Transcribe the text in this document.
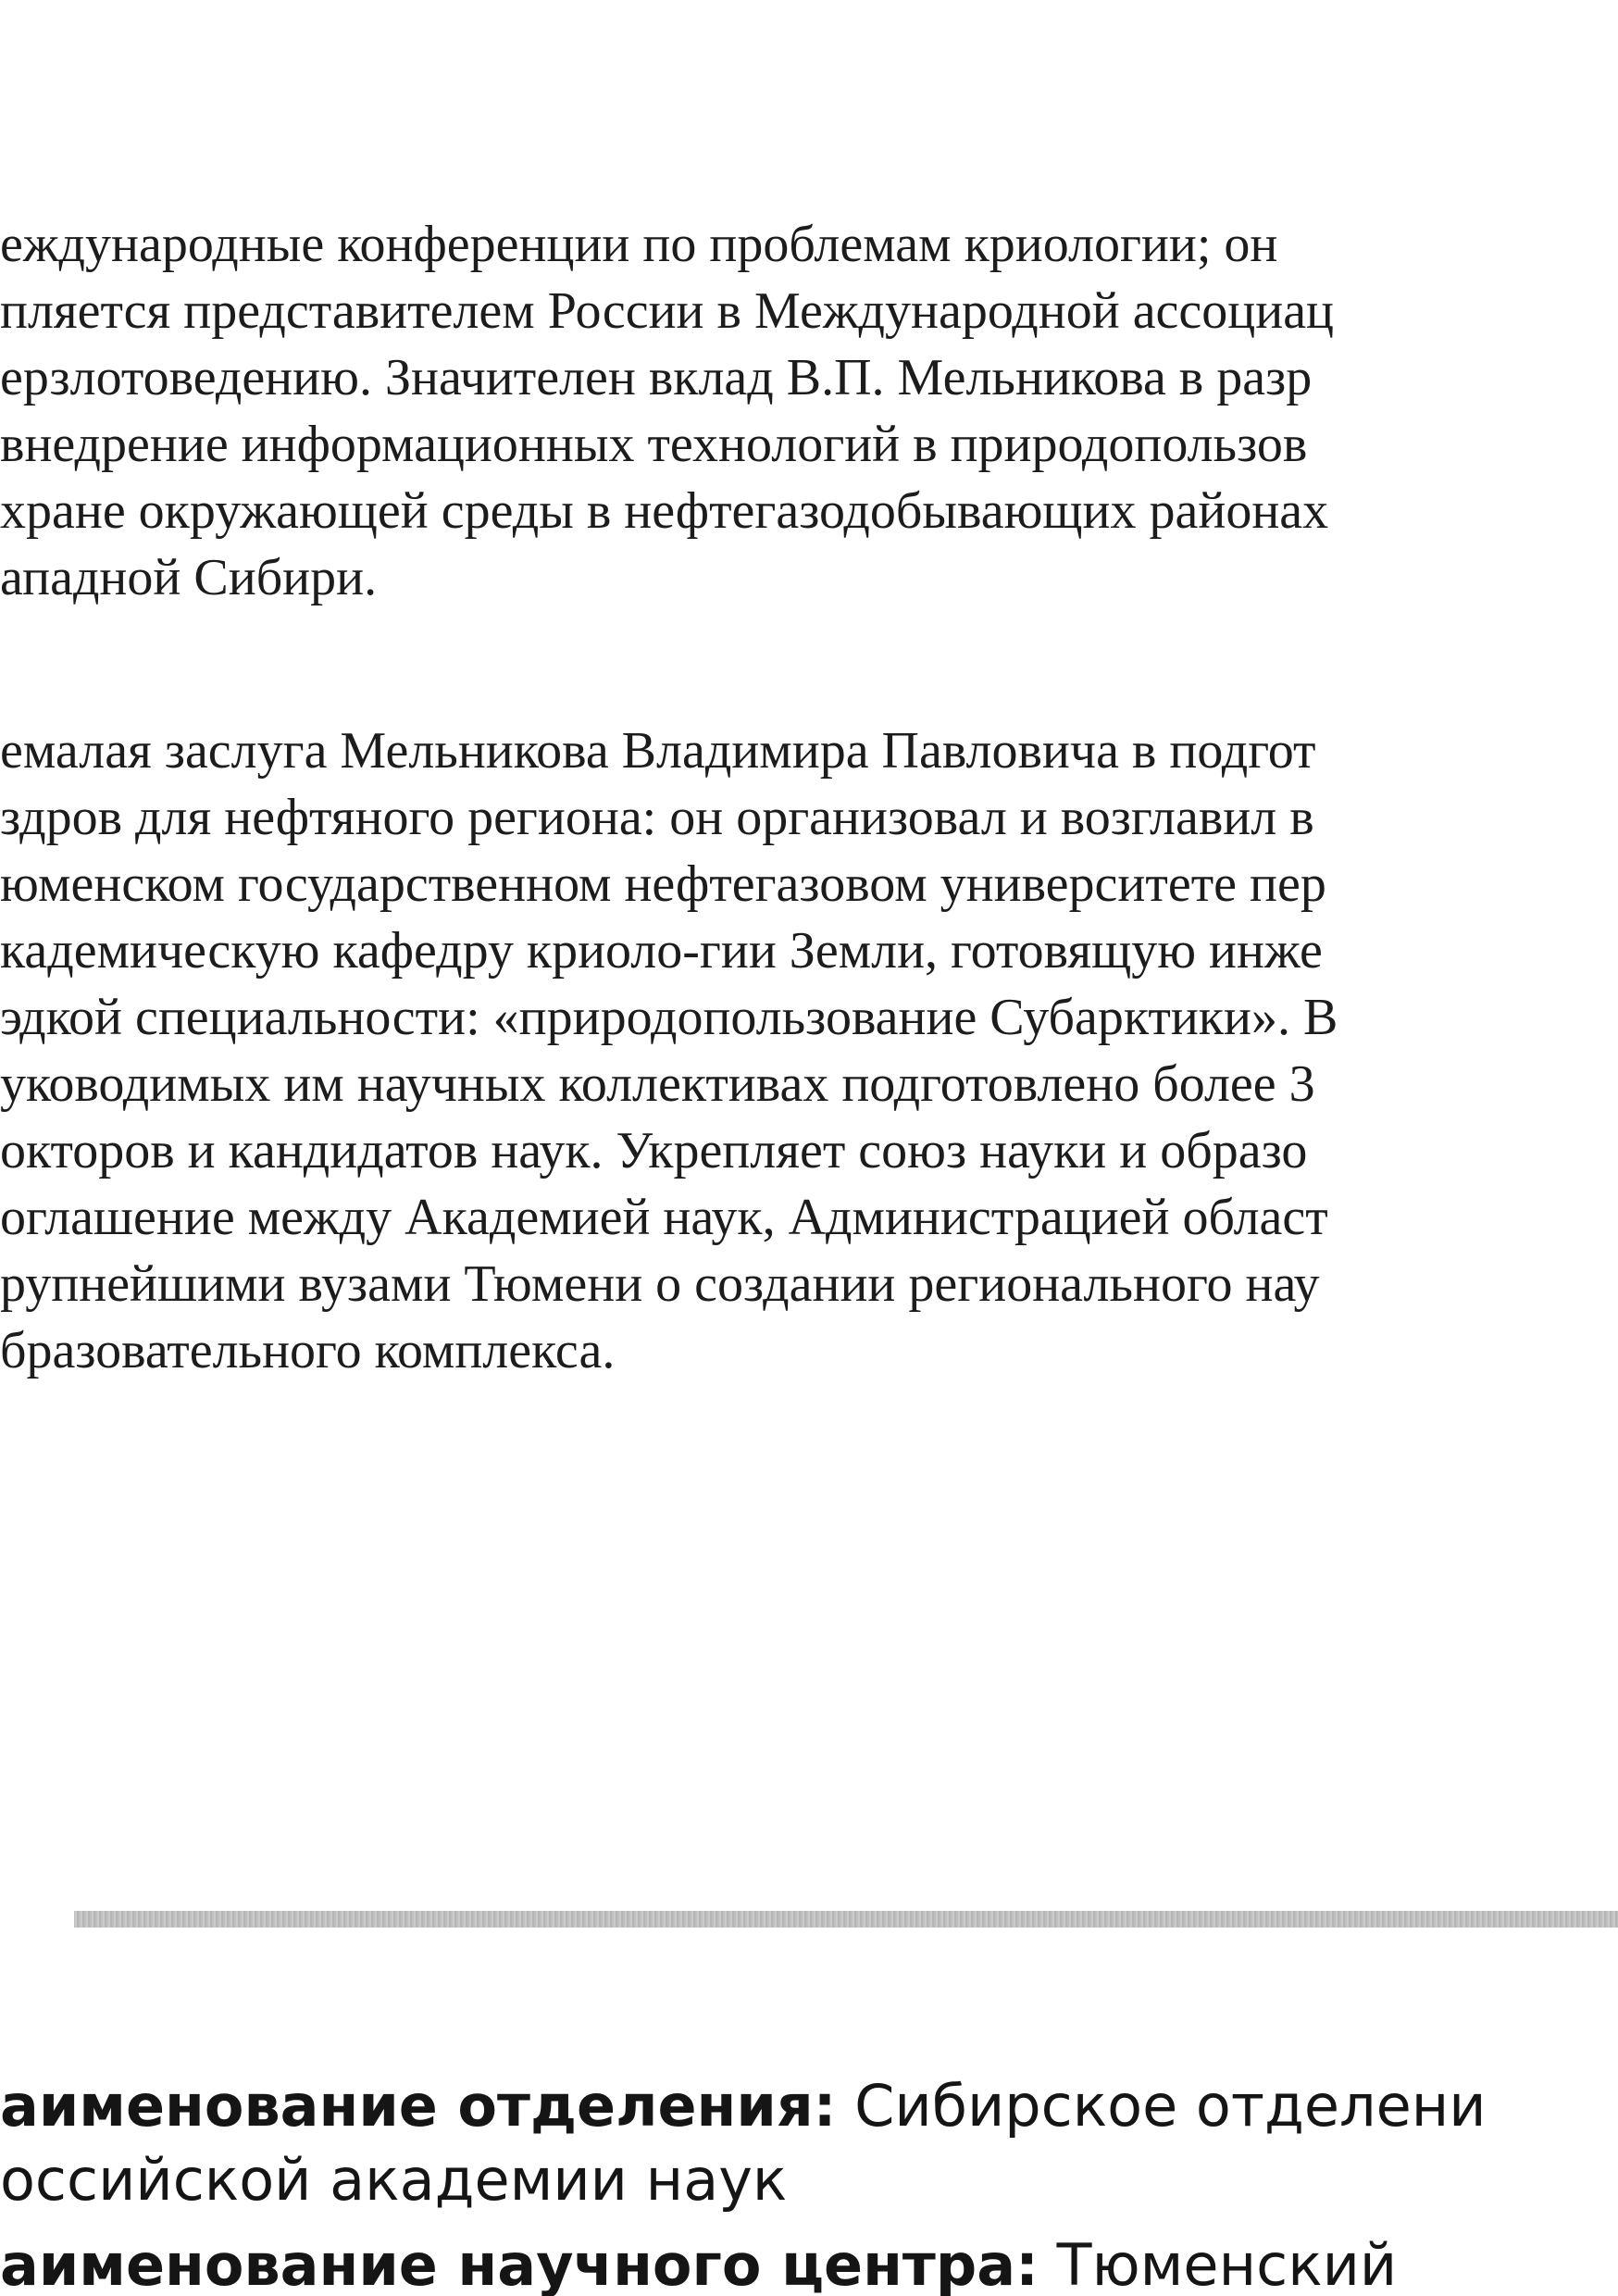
еждународные конференции по проблемам криологии; он
пляется представителем России в Международной ассоциац
ерзлотоведению. Значителен вклад В.П. Мельникова в разр
внедрение информационных технологий в природопользов
хране окружающей среды в нефтегазодобывающих районах
ападной Сибири.
емалая заслуга Мельникова Владимира Павловича в подгот
здров для нефтяного региона: он организовал и возглавил в
юменском государственном нефтегазовом университете пер
кадемическую кафедру криоло-гии Земли, готовящую инже
эдкой специальности: «природопользование Субарктики». В
уководимых им научных коллективах подготовлено более 3
окторов и кандидатов наук. Укрепляет союз науки и образо
оглашение между Академией наук, Администрацией област
рупнейшими вузами Тюмени о создании регионального нау
бразовательного комплекса.
аименование отделения: Сибирское отделени
оссийской академии наук
аименование научного центра: Тюменский
